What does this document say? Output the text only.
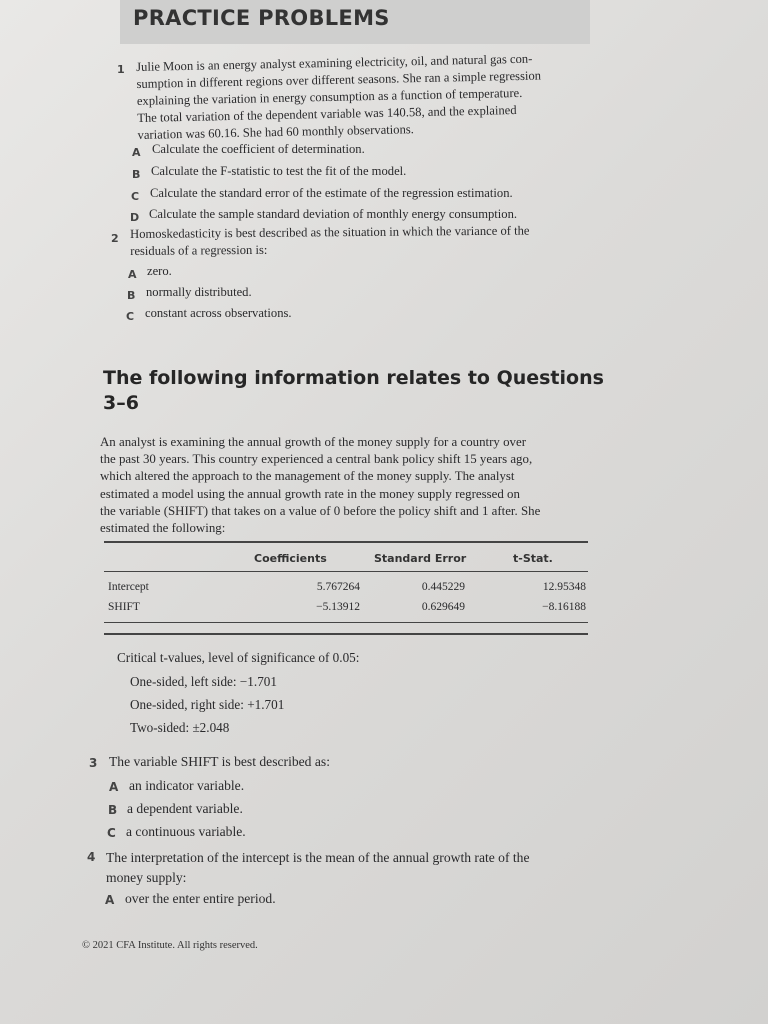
PRACTICE PROBLEMS
1 Julie Moon is an energy analyst examining electricity, oil, and natural gas con-
sumption in different regions over different seasons. She ran a simple regression
explaining the variation in energy consumption as a function of temperature.
The total variation of the dependent variable was 140.58, and the explained
variation was 60.16. She had 60 monthly observations.
A Calculate the coefficient of determination.
B Calculate the F-statistic to test the fit of the model.
C Calculate the standard error of the estimate of the regression estimation.
D Calculate the sample standard deviation of monthly energy consumption.
2 Homoskedasticity is best described as the situation in which the variance of the
residuals of a regression is:
A zero.
B normally distributed.
C constant across observations.
The following information relates to Questions
3–6
An analyst is examining the annual growth of the money supply for a country over
the past 30 years. This country experienced a central bank policy shift 15 years ago,
which altered the approach to the management of the money supply. The analyst
estimated a model using the annual growth rate in the money supply regressed on
the variable (SHIFT) that takes on a value of 0 before the policy shift and 1 after. She
estimated the following:
Coefficients	Standard Error	t-Stat.
Intercept	5.767264	0.445229	12.95348
SHIFT	−5.13912	0.629649	−8.16188
Critical t-values, level of significance of 0.05:
One-sided, left side: −1.701
One-sided, right side: +1.701
Two-sided: ±2.048
3 The variable SHIFT is best described as:
A an indicator variable.
B a dependent variable.
C a continuous variable.
4 The interpretation of the intercept is the mean of the annual growth rate of the
money supply:
A over the enter entire period.
© 2021 CFA Institute. All rights reserved.
